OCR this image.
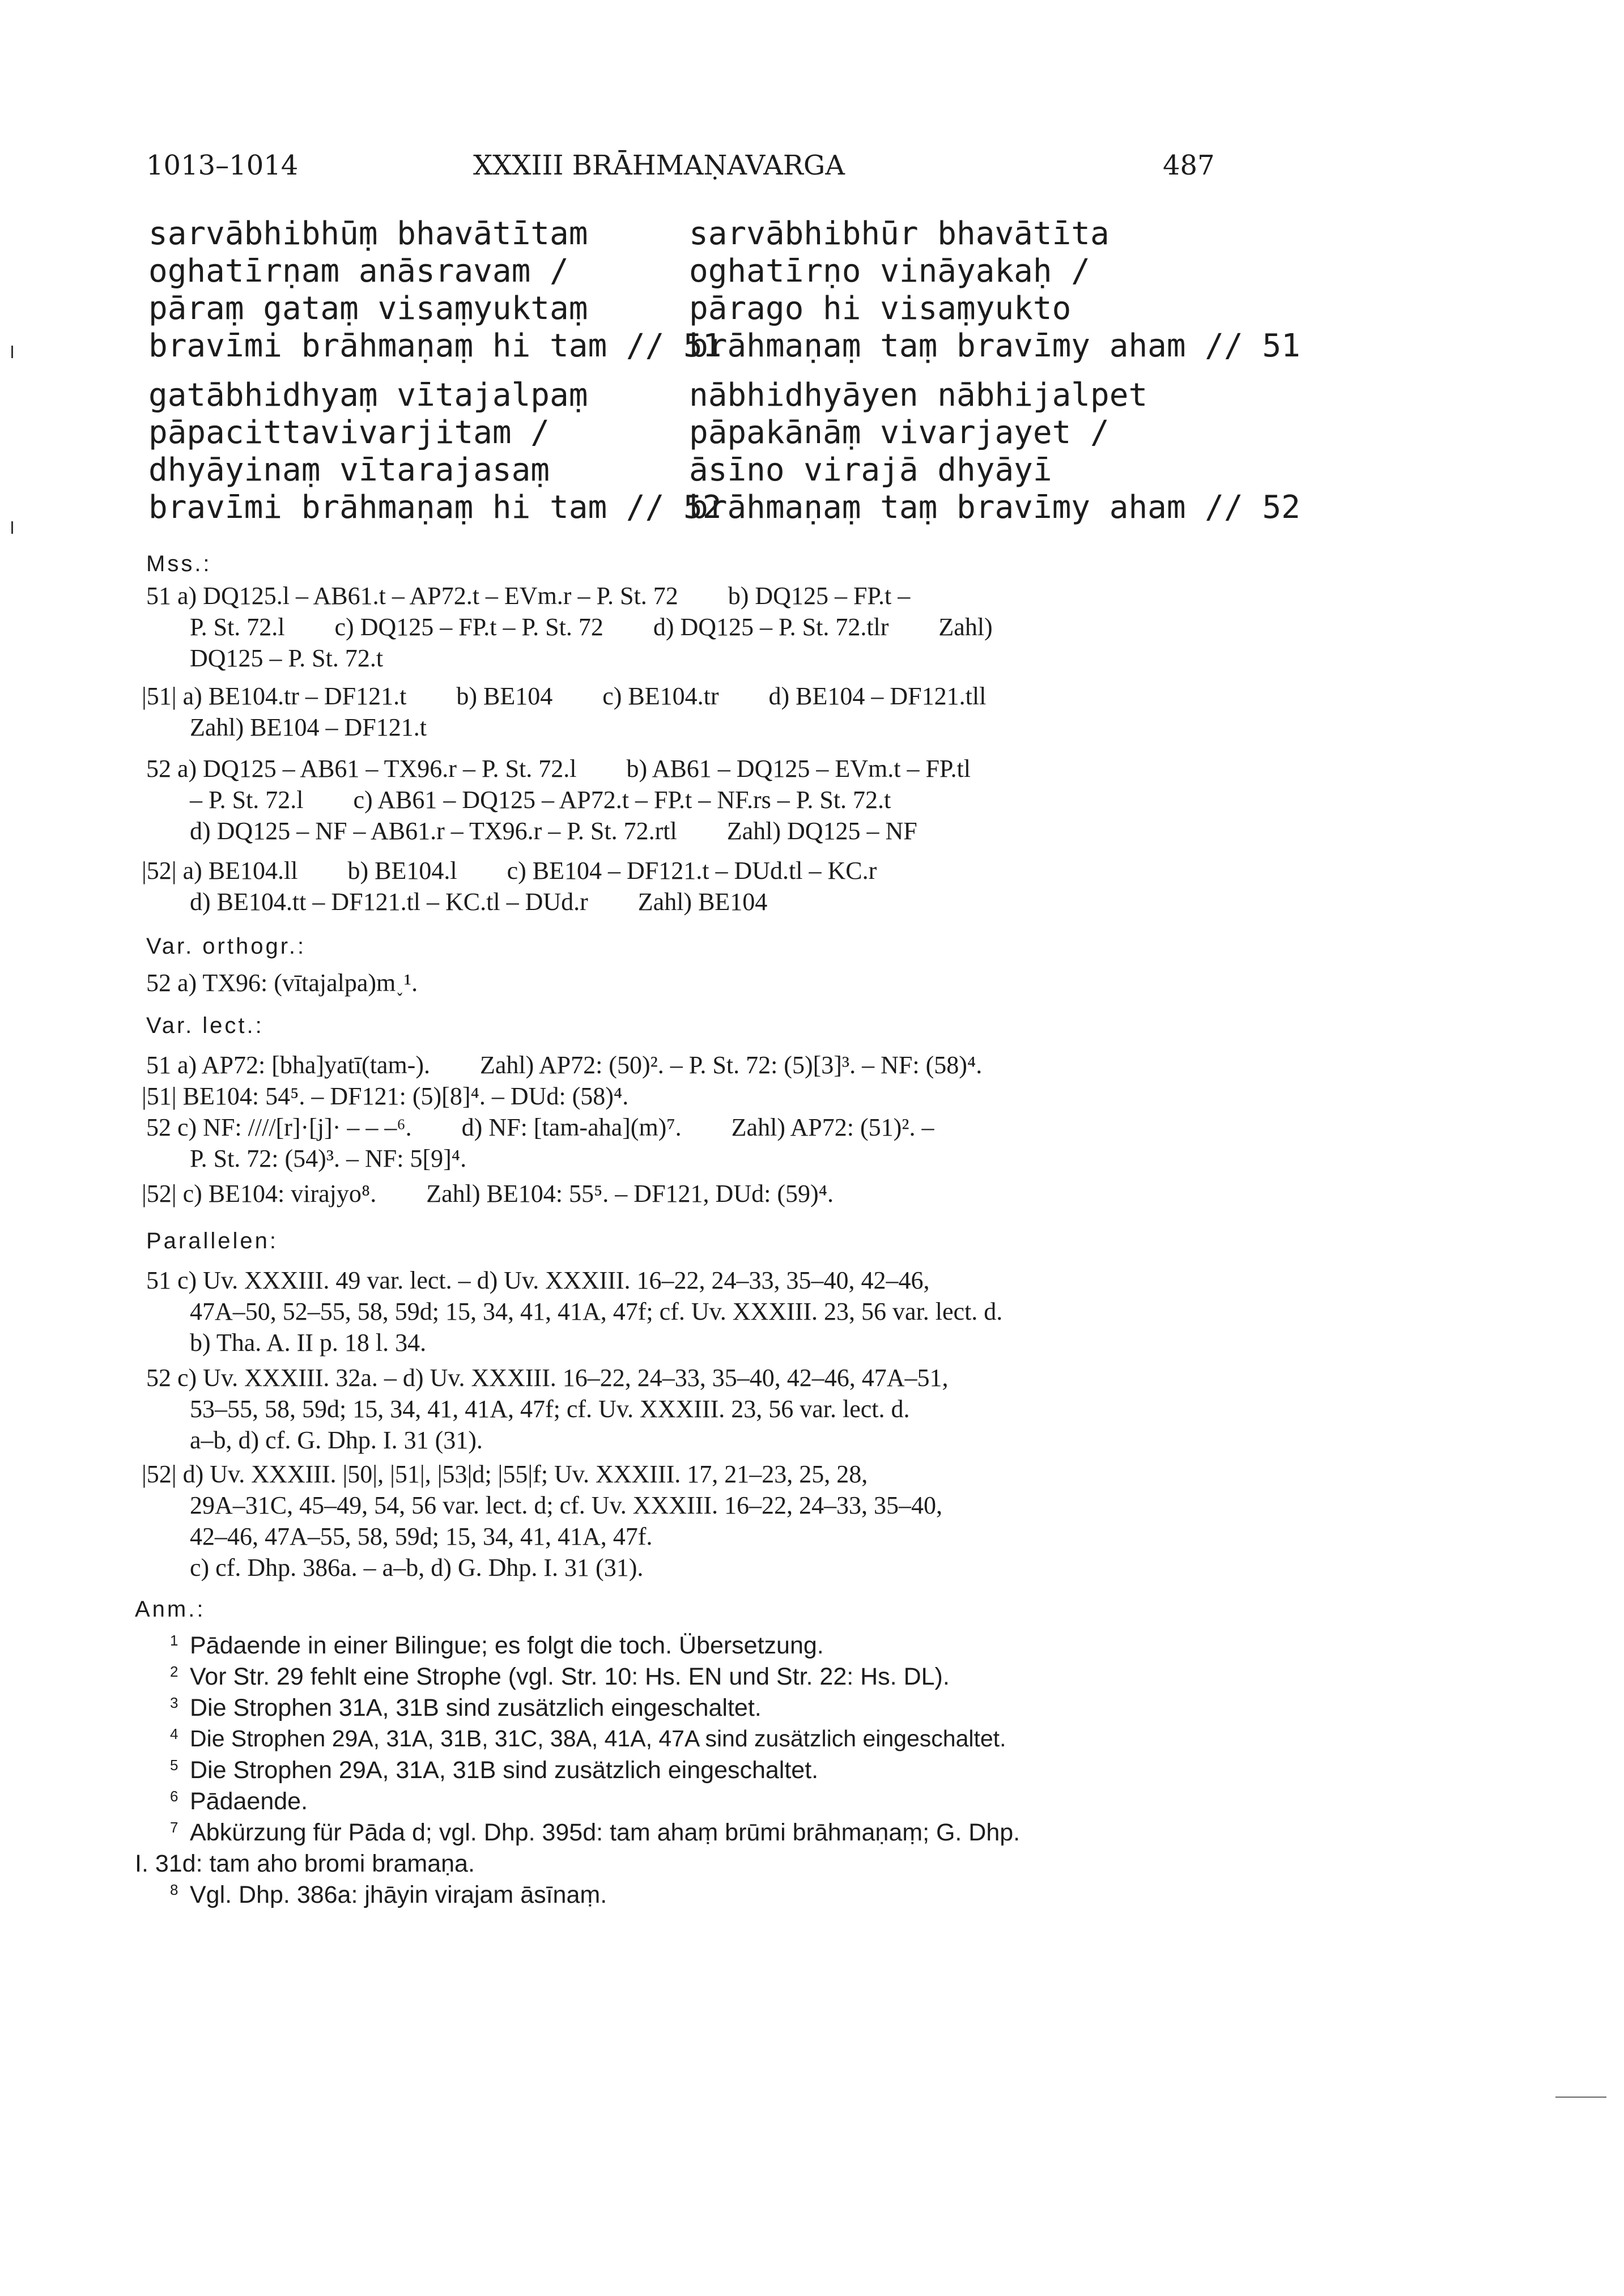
1013–1014	XXXIII BRĀHMAṆAVARGA	487
sarvābhibhūṃ bhavātītam
oghatīrṇam anāsravam /
pāraṃ gataṃ visaṃyuktaṃ
bravīmi brāhmaṇaṃ hi tam // 51
gatābhidhyaṃ vītajalpaṃ
pāpacittavivarjitam /
dhyāyinaṃ vītarajasaṃ
bravīmi brāhmaṇaṃ hi tam // 52
sarvābhibhūr bhavātīta
oghatīrṇo vināyakaḥ /
pārago hi visaṃyukto
brāhmaṇaṃ taṃ bravīmy aham // 51
nābhidhyāyen nābhijalpet
pāpakānāṃ vivarjayet /
āsīno virajā dhyāyī
brāhmaṇaṃ taṃ bravīmy aham // 52
Mss.:
51 a) DQ125.l – AB61.t – AP72.t – EVm.r – P. St. 72        b) DQ125 – FP.t –
P. St. 72.l        c) DQ125 – FP.t – P. St. 72        d) DQ125 – P. St. 72.tlr        Zahl)
DQ125 – P. St. 72.t
|51| a) BE104.tr – DF121.t        b) BE104        c) BE104.tr        d) BE104 – DF121.tll
Zahl) BE104 – DF121.t
52 a) DQ125 – AB61 – TX96.r – P. St. 72.l        b) AB61 – DQ125 – EVm.t – FP.tl
– P. St. 72.l        c) AB61 – DQ125 – AP72.t – FP.t – NF.rs – P. St. 72.t
d) DQ125 – NF – AB61.r – TX96.r – P. St. 72.rtl        Zahl) DQ125 – NF
|52| a) BE104.ll        b) BE104.l        c) BE104 – DF121.t – DUd.tl – KC.r
d) BE104.tt – DF121.tl – KC.tl – DUd.r        Zahl) BE104
Var. orthogr.:
52 a) TX96: (vītajalpa)m˯¹.
Var. lect.:
51 a) AP72: [bha]yatī(tam-).        Zahl) AP72: (50)². – P. St. 72: (5)[3]³. – NF: (58)⁴.
|51| BE104: 54⁵. – DF121: (5)[8]⁴. – DUd: (58)⁴.
52 c) NF: ////[r]·[j]· – – –⁶.        d) NF: [tam-aha](m)⁷.        Zahl) AP72: (51)². –
P. St. 72: (54)³. – NF: 5[9]⁴.
|52| c) BE104: virajyo⁸.        Zahl) BE104: 55⁵. – DF121, DUd: (59)⁴.
Parallelen:
51 c) Uv. XXXIII. 49 var. lect. – d) Uv. XXXIII. 16–22, 24–33, 35–40, 42–46,
47A–50, 52–55, 58, 59d; 15, 34, 41, 41A, 47f; cf. Uv. XXXIII. 23, 56 var. lect. d.
b) Tha. A. II p. 18 l. 34.
52 c) Uv. XXXIII. 32a. – d) Uv. XXXIII. 16–22, 24–33, 35–40, 42–46, 47A–51,
53–55, 58, 59d; 15, 34, 41, 41A, 47f; cf. Uv. XXXIII. 23, 56 var. lect. d.
a–b, d) cf. G. Dhp. I. 31 (31).
|52| d) Uv. XXXIII. |50|, |51|, |53|d; |55|f; Uv. XXXIII. 17, 21–23, 25, 28,
29A–31C, 45–49, 54, 56 var. lect. d; cf. Uv. XXXIII. 16–22, 24–33, 35–40,
42–46, 47A–55, 58, 59d; 15, 34, 41, 41A, 47f.
c) cf. Dhp. 386a. – a–b, d) G. Dhp. I. 31 (31).
Anm.:
1 Pādaende in einer Bilingue; es folgt die toch. Übersetzung.
2 Vor Str. 29 fehlt eine Strophe (vgl. Str. 10: Hs. EN und Str. 22: Hs. DL).
3 Die Strophen 31A, 31B sind zusätzlich eingeschaltet.
4 Die Strophen 29A, 31A, 31B, 31C, 38A, 41A, 47A sind zusätzlich eingeschaltet.
5 Die Strophen 29A, 31A, 31B sind zusätzlich eingeschaltet.
6 Pādaende.
7 Abkürzung für Pāda d; vgl. Dhp. 395d: tam ahaṃ brūmi brāhmaṇaṃ; G. Dhp.
I. 31d: tam aho bromi bramaṇa.
8 Vgl. Dhp. 386a: jhāyin virajam āsīnaṃ.
